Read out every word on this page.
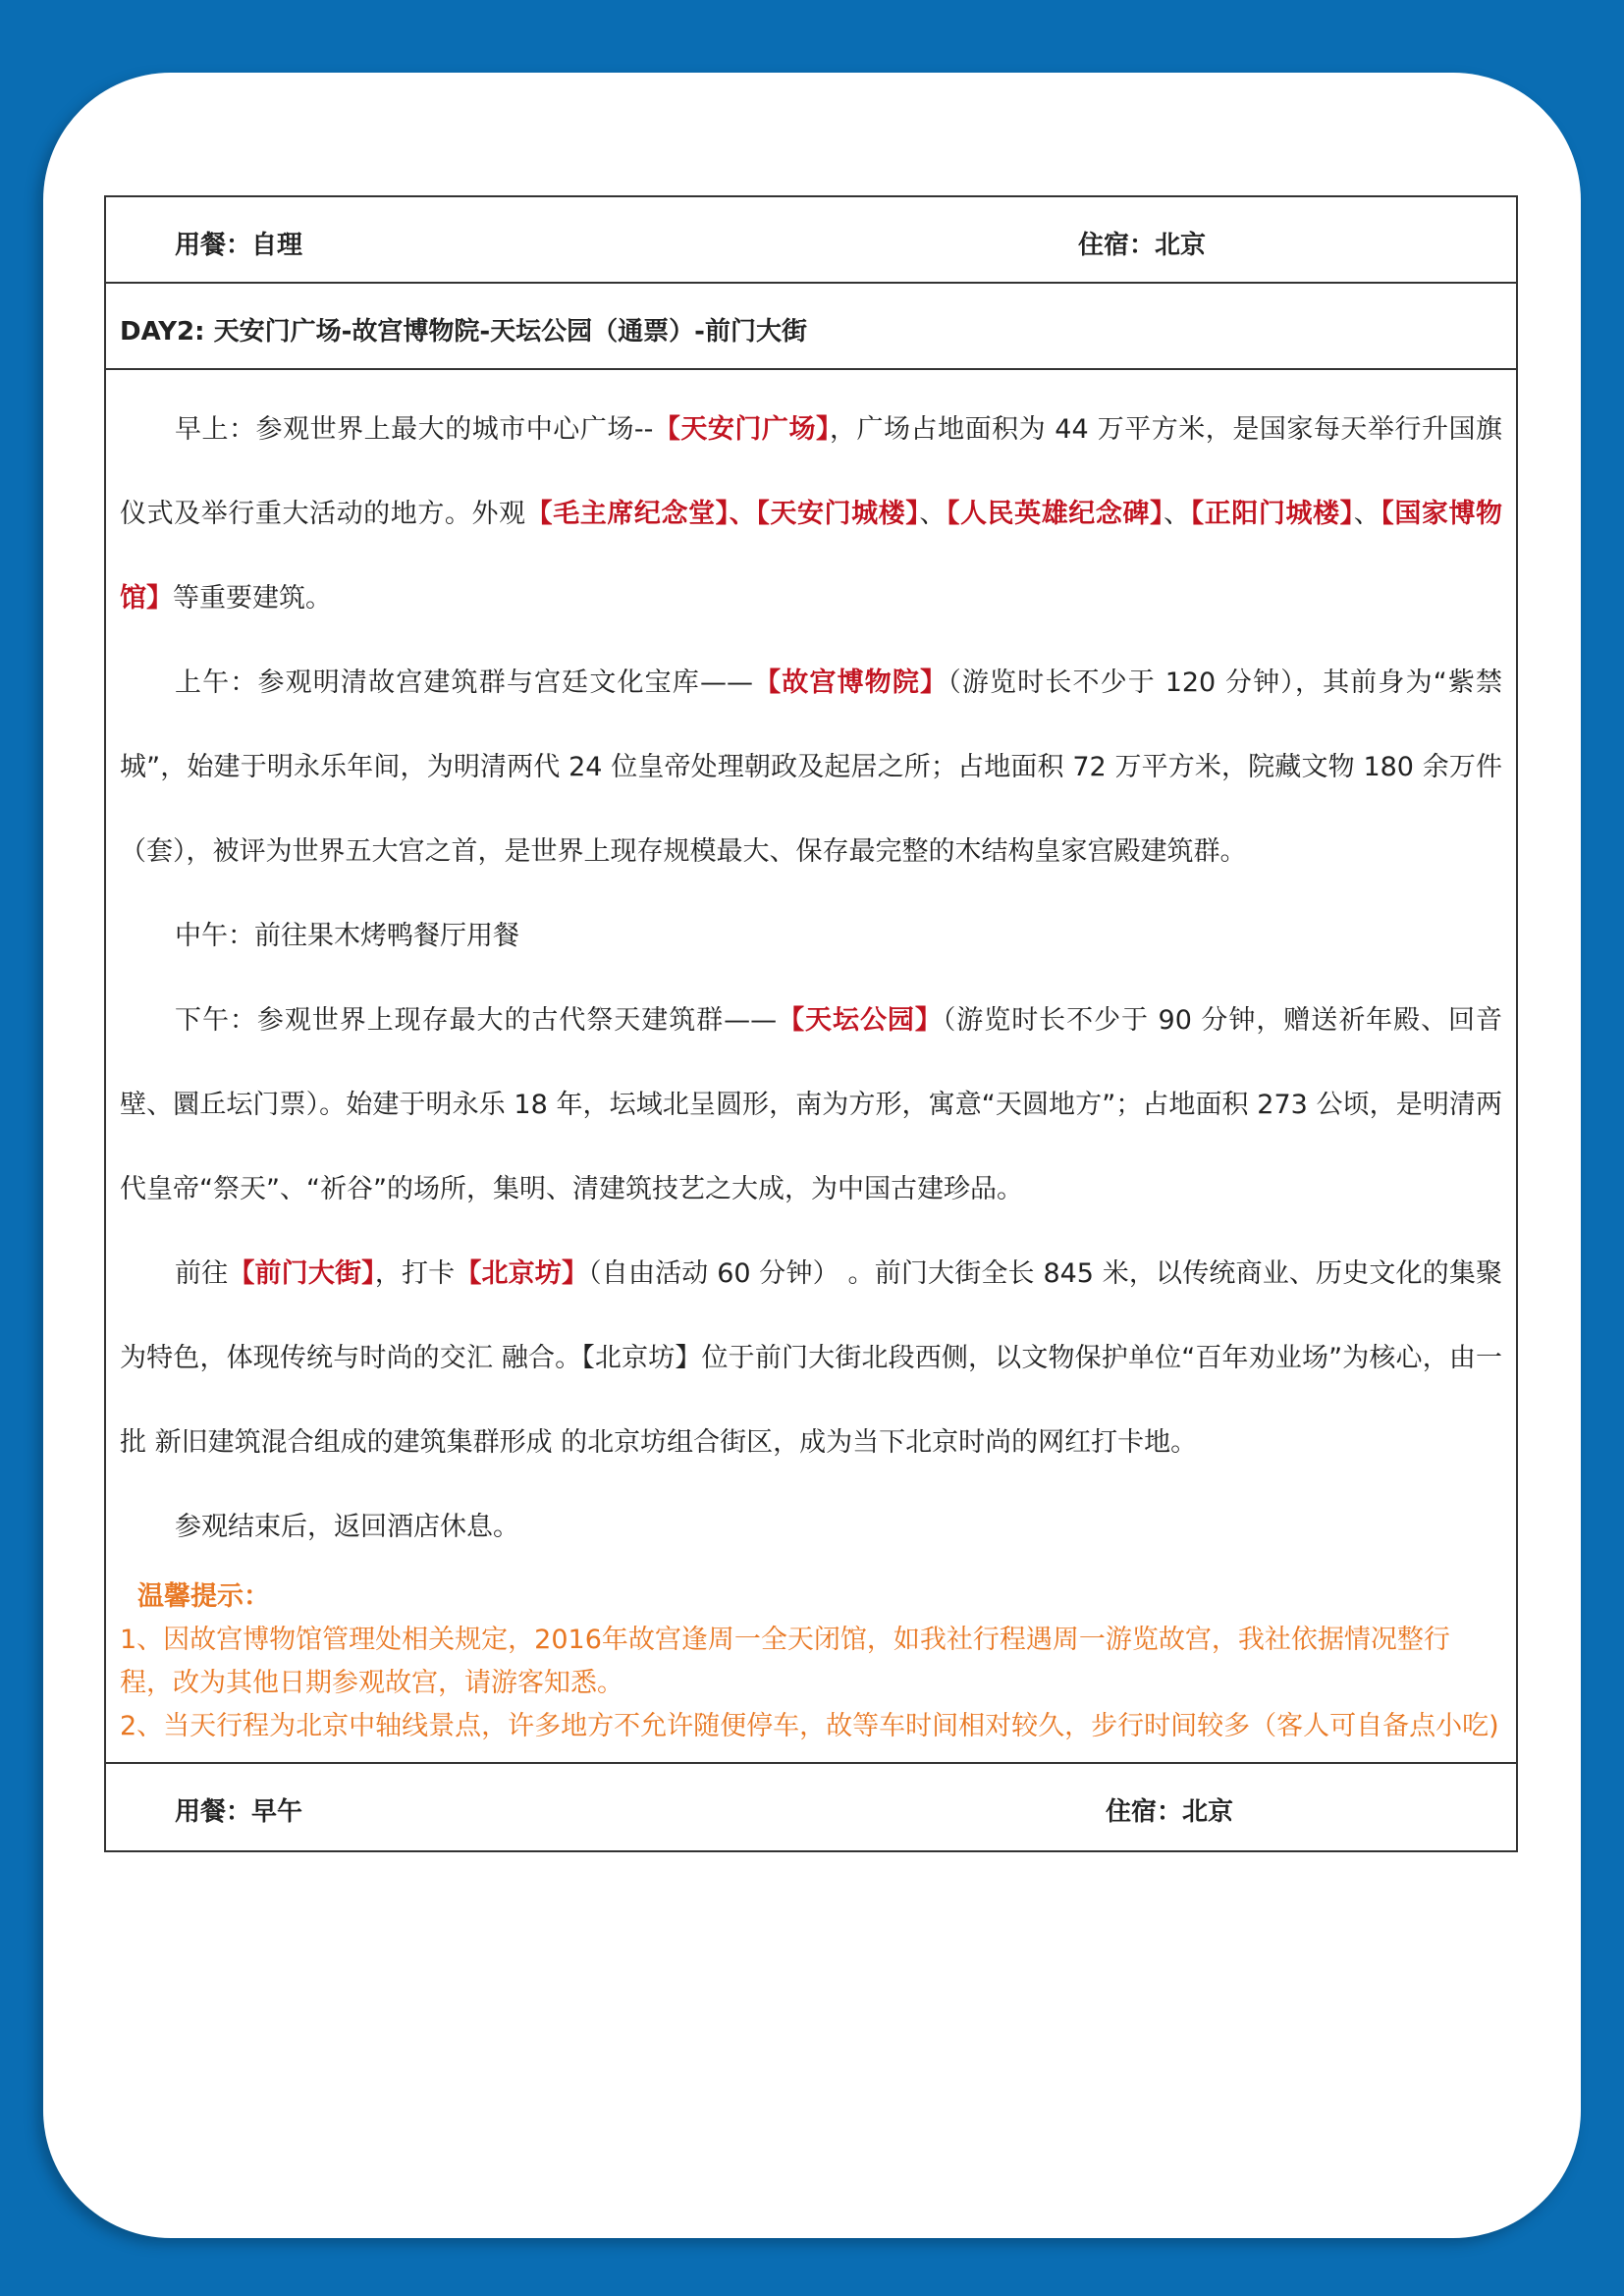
用餐：自理	住宿：北京
DAY2: 天安门广场-故宫博物院-天坛公园（通票）-前门大街

早上：参观世界上最大的城市中心广场--【天安门广场】，广场占地面积为 44 万平方米，是国家每天举行升国旗仪式及举行重大活动的地方。外观【毛主席纪念堂】、【天安门城楼】、【人民英雄纪念碑】、【正阳门城楼】、【国家博物馆】等重要建筑。

上午：参观明清故宫建筑群与宫廷文化宝库——【故宫博物院】（游览时长不少于 120 分钟），其前身为“紫禁城”，始建于明永乐年间，为明清两代 24 位皇帝处理朝政及起居之所；占地面积 72 万平方米，院藏文物 180 余万件（套），被评为世界五大宫之首，是世界上现存规模最大、保存最完整的木结构皇家宫殿建筑群。

中午：前往果木烤鸭餐厅用餐

下午：参观世界上现存最大的古代祭天建筑群——【天坛公园】（游览时长不少于 90 分钟，赠送祈年殿、回音壁、圜丘坛门票）。始建于明永乐 18 年，坛域北呈圆形，南为方形，寓意“天圆地方”；占地面积 273 公顷，是明清两代皇帝“祭天”、“祈谷”的场所，集明、清建筑技艺之大成，为中国古建珍品。

前往【前门大街】，打卡【北京坊】（自由活动 60 分钟） 。前门大街全长 845 米，以传统商业、历史文化的集聚为特色，体现传统与时尚的交汇 融合。【北京坊】位于前门大街北段西侧，以文物保护单位“百年劝业场”为核心，由一批 新旧建筑混合组成的建筑集群形成 的北京坊组合街区，成为当下北京时尚的网红打卡地。

参观结束后，返回酒店休息。

温馨提示：
1、因故宫博物馆管理处相关规定，2016年故宫逢周一全天闭馆，如我社行程遇周一游览故宫，我社依据情况整行程，改为其他日期参观故宫，请游客知悉。
2、当天行程为北京中轴线景点，许多地方不允许随便停车，故等车时间相对较久，步行时间较多（客人可自备点小吃)
用餐：早午	住宿：北京
